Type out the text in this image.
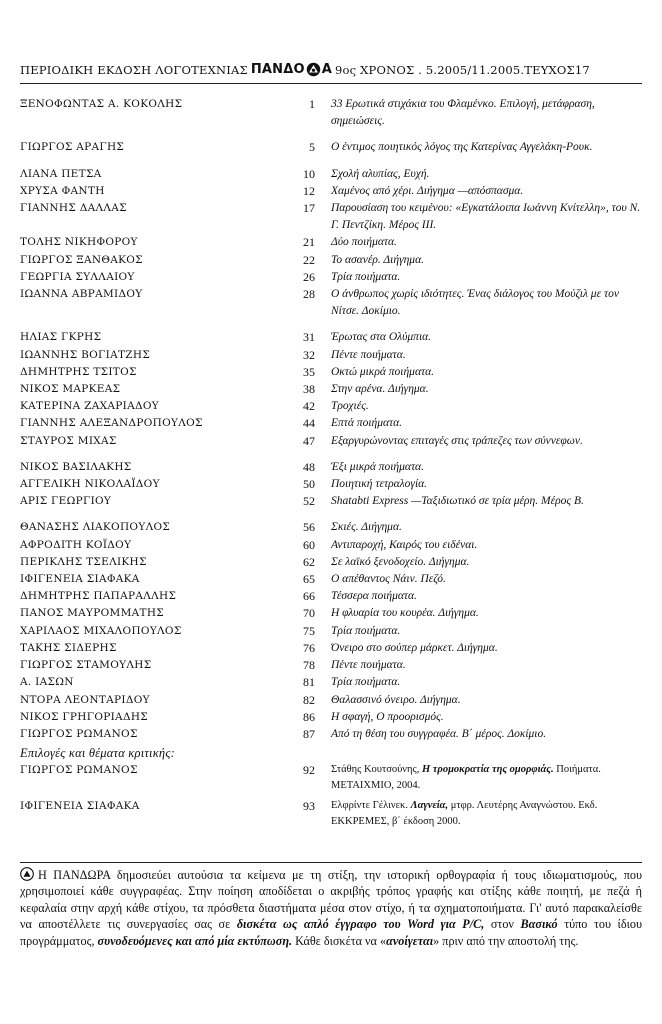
ΠΕΡΙΟΔΙΚΗ ΕΚΔΟΣΗ ΛΟΓΟΤΕΧΝΙΑΣ ΠΑΝΔΟ Α 9ος ΧΡΟΝΟΣ . 5.2005/11.2005.ΤΕΥΧΟΣ17
ΞΕΝΟΦΩΝΤΑΣ Α. ΚΟΚΟΛΗΣ	1	33 Ερωτικά στιχάκια του Φλαμένκο. Επιλογή, μετάφραση, σημειώσεις.
ΓΙΩΡΓΟΣ ΑΡΑΓΗΣ	5	Ο έντιμος ποιητικός λόγος της Κατερίνας Αγγελάκη-Ρουκ.
ΛΙΑΝΑ ΠΕΤΣΑ	10	Σχολή αλυπίας, Ευχή.
ΧΡΥΣΑ ΦΑΝΤΗ	12	Χαμένος από χέρι. Διήγημα —απόσπασμα.
ΓΙΑΝΝΗΣ ΔΑΛΛΑΣ	17	Παρουσίαση του κειμένου: «Εγκατάλοιπα Ιωάννη Κνίτελλη», του Ν. Γ. Πεντζίκη. Μέρος ΙΙΙ.
ΤΟΛΗΣ ΝΙΚΗΦΟΡΟΥ	21	Δύο ποιήματα.
ΓΙΩΡΓΟΣ ΞΑΝΘΑΚΟΣ	22	Το ασανέρ. Διήγημα.
ΓΕΩΡΓΙΑ ΣΥΛΛΑΙΟΥ	26	Τρία ποιήματα.
ΙΩΑΝΝΑ ΑΒΡΑΜΙΔΟΥ	28	Ο άνθρωπος χωρίς ιδιότητες. Ένας διάλογος του Μούζιλ με τον Νίτσε. Δοκίμιο.
ΗΛΙΑΣ ΓΚΡΗΣ	31	Έρωτας στα Ολύμπια.
ΙΩΑΝΝΗΣ ΒΟΓΙΑΤΖΗΣ	32	Πέντε ποιήματα.
ΔΗΜΗΤΡΗΣ ΤΣΙΤΟΣ	35	Οκτώ μικρά ποιήματα.
ΝΙΚΟΣ ΜΑΡΚΕΑΣ	38	Στην αρένα. Διήγημα.
ΚΑΤΕΡΙΝΑ ΖΑΧΑΡΙΑΔΟΥ	42	Τροχιές.
ΓΙΑΝΝΗΣ ΑΛΕΞΑΝΔΡΟΠΟΥΛΟΣ	44	Επτά ποιήματα.
ΣΤΑΥΡΟΣ ΜΙΧΑΣ	47	Εξαργυρώνοντας επιταγές στις τράπεζες των σύννεφων.
ΝΙΚΟΣ ΒΑΣΙΛΑΚΗΣ	48	Έξι μικρά ποιήματα.
ΑΓΓΕΛΙΚΗ ΝΙΚΟΛΑΪΔΟΥ	50	Ποιητική τετραλογία.
ΑΡΙΣ ΓΕΩΡΓΙΟΥ	52	Shatabti Express —Ταξιδιωτικό σε τρία μέρη. Μέρος Β.
ΘΑΝΑΣΗΣ ΛΙΑΚΟΠΟΥΛΟΣ	56	Σκιές. Διήγημα.
ΑΦΡΟΔΙΤΗ ΚΟΪΔΟΥ	60	Αντιπαροχή, Καιρός του ειδέναι.
ΠΕΡΙΚΛΗΣ ΤΣΕΛΙΚΗΣ	62	Σε λαϊκό ξενοδοχείο. Διήγημα.
ΙΦΙΓΕΝΕΙΑ ΣΙΑΦΑΚΑ	65	Ο απέθαντος Νάιν. Πεζό.
ΔΗΜΗΤΡΗΣ ΠΑΠΑΡΑΛΛΗΣ	66	Τέσσερα ποιήματα.
ΠΑΝΟΣ ΜΑΥΡΟΜΜΑΤΗΣ	70	Η φλυαρία του κουρέα. Διήγημα.
ΧΑΡΙΛΑΟΣ ΜΙΧΑΛΟΠΟΥΛΟΣ	75	Τρία ποιήματα.
ΤΑΚΗΣ ΣΙΔΕΡΗΣ	76	Όνειρο στο σούπερ μάρκετ. Διήγημα.
ΓΙΩΡΓΟΣ ΣΤΑΜΟΥΛΗΣ	78	Πέντε ποιήματα.
Α. ΙΑΣΩΝ	81	Τρία ποιήματα.
ΝΤΟΡΑ ΛΕΟΝΤΑΡΙΔΟΥ	82	Θαλασσινό όνειρο. Διήγημα.
ΝΙΚΟΣ ΓΡΗΓΟΡΙΑΔΗΣ	86	Η σφαγή, Ο προορισμός.
ΓΙΩΡΓΟΣ ΡΩΜΑΝΟΣ	87	Από τη θέση του συγγραφέα. Β΄ μέρος. Δοκίμιο.
Επιλογές και θέματα κριτικής:
ΓΙΩΡΓΟΣ ΡΩΜΑΝΟΣ	92	Στάθης Κουτσούνης, Η τρομοκρατία της ομορφιάς. Ποιήματα. ΜΕΤΑΙΧΜΙΟ, 2004.
ΙΦΙΓΕΝΕΙΑ ΣΙΑΦΑΚΑ	93	Ελφρίντε Γέλινεκ. Λαγνεία, μτφρ. Λευτέρης Αναγνώστου. Εκδ. ΕΚΚΡΕΜΕΣ, β΄ έκδοση 2000.
Η ΠΑΝΔΩΡΑ δημοσιεύει αυτούσια τα κείμενα με τη στίξη, την ιστορική ορθογραφία ή τους ιδιωματισμούς, που χρησιμοποιεί κάθε συγγραφέας. Στην ποίηση αποδίδεται ο ακριβής τρόπος γραφής και στίξης κάθε ποιητή, με πεζά ή κεφαλαία στην αρχή κάθε στίχου, τα πρόσθετα διαστήματα μέσα στον στίχο, ή τα σχηματοποιήματα. Γι' αυτό παρακαλείσθε να αποστέλλετε τις συνεργασίες σας σε δισκέτα ως απλό έγγραφο του Word για P/C, στον Βασικό τύπο του ίδιου προγράμματος, συνοδευόμενες και από μία εκτύπωση. Κάθε δισκέτα να «ανοίγεται» πριν από την αποστολή της.
